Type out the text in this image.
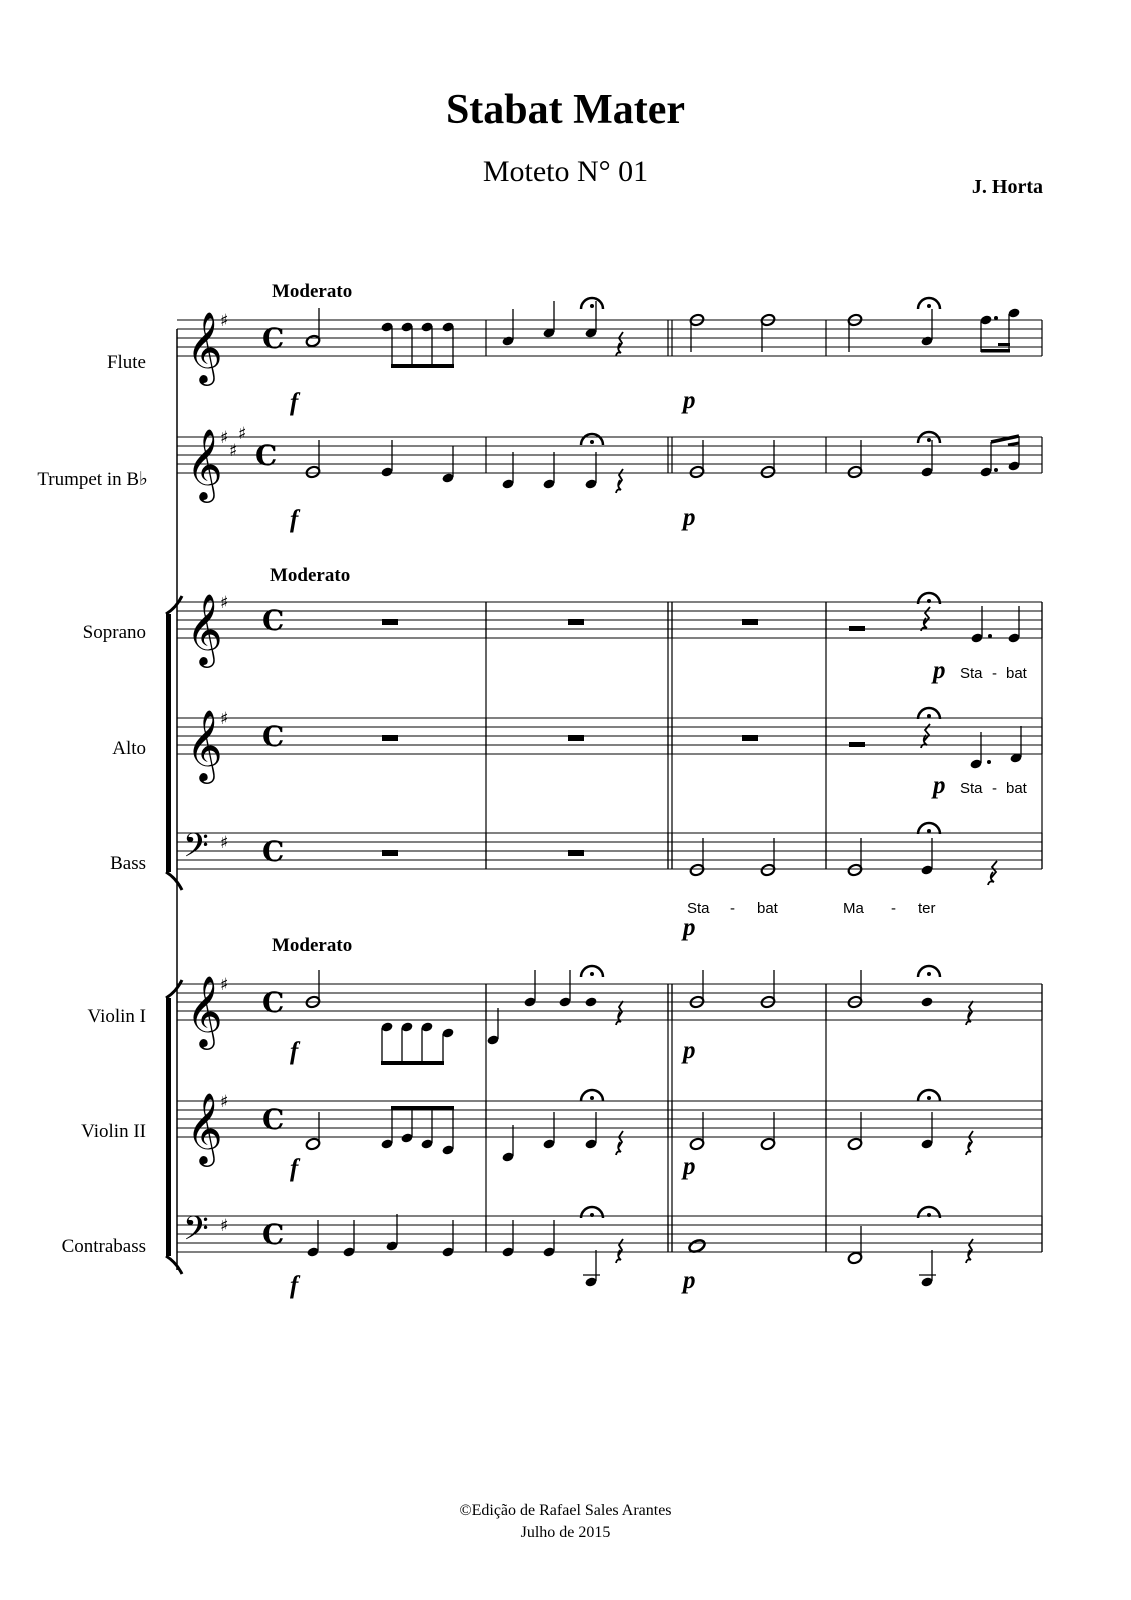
Stabat Mater
Moteto N° 01	J. Horta
Moderato
Moderato
Moderato
Flute
Trumpet in B♭
Soprano
Alto
Bass
Violin I
Violin II
Contrabass
𝄞
♯
C
𝄞
♯
♯
♯
C
𝄞
♯
C
𝄞
♯
C
𝄢 ♯ C
𝄞
♯
C
𝄞
♯
C
𝄢 ♯ C
f	p
f	p
p
p
p
f	p
f	p
f	p
Sta - bat
Sta - bat
Sta - bat	Ma - ter
©Edição de Rafael Sales Arantes
Julho de 2015
